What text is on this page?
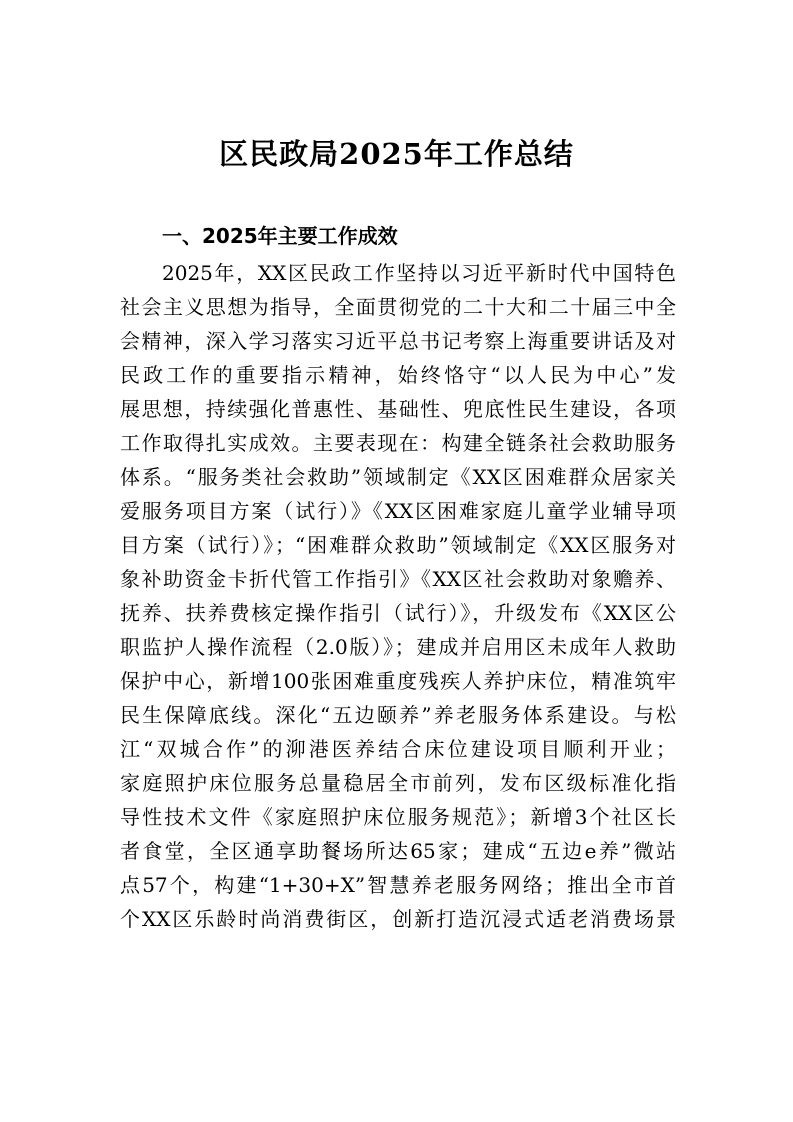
区民政局2025年工作总结
一、2025年主要工作成效
2025年，XX区民政工作坚持以习近平新时代中国特色
社会主义思想为指导，全面贯彻党的二十大和二十届三中全
会精神，深入学习落实习近平总书记考察上海重要讲话及对
民政工作的重要指示精神，始终恪守“以人民为中心”发
展思想，持续强化普惠性、基础性、兜底性民生建设，各项
工作取得扎实成效。主要表现在：构建全链条社会救助服务
体系。“服务类社会救助”领域制定《XX区困难群众居家关
爱服务项目方案（试行）》《XX区困难家庭儿童学业辅导项
目方案（试行）》；“困难群众救助”领域制定《XX区服务对
象补助资金卡折代管工作指引》《XX区社会救助对象赡养、
抚养、扶养费核定操作指引（试行）》，升级发布《XX区公
职监护人操作流程（2.0版）》；建成并启用区未成年人救助
保护中心，新增100张困难重度残疾人养护床位，精准筑牢
民生保障底线。深化“五边颐养”养老服务体系建设。与松
江“双城合作”的泖港医养结合床位建设项目顺利开业；
家庭照护床位服务总量稳居全市前列，发布区级标准化指
导性技术文件《家庭照护床位服务规范》；新增3个社区长
者食堂，全区通享助餐场所达65家；建成“五边e养”微站
点57个，构建“1+30+X”智慧养老服务网络；推出全市首
个XX区乐龄时尚消费街区，创新打造沉浸式适老消费场景
